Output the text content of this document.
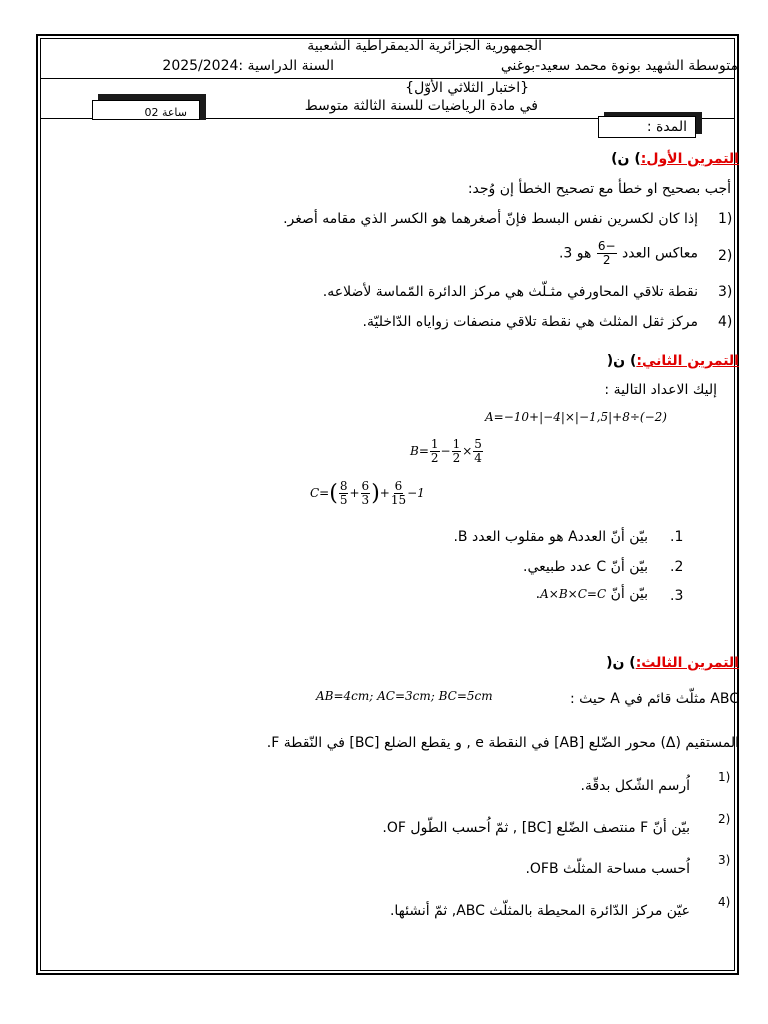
الجمهورية الجزائرية الديمقراطية الشعبية
متوسطة الشهيد بونوة محمد سعيد-بوغني
السنة الدراسية :2025/2024
{اختبار الثلاثي الأوّل}
في مادة الرياضيات للسنة الثالثة متوسط
02 ساعة
المدة :
التمرين الأول:) ن)
أجب بصحيح او خطأ مع تصحيح الخطأ إن وُجد:
1)
إذا كان لكسرين نفس البسط فإنّ أصغرهما هو الكسر الذي مقامه أصغر.
2)
معاكس العدد
$\frac{-6}{2}$
هو 3.
3)
نقطة تلاقي المحاورفي مثـلّث هي مركز الدائرة المّماسة لأضلاعه.
4)
مركز ثقل المثلث هي نقطة تلاقي منصفات زواياه الدّاخليّة.
التمرين الثاني:) ن(
إليك الاعداد التالية :
A=−10+|−4|×|−1,5|+8÷(−2)
$B= \frac{1}{2} - \frac{1}{2} \times \frac{5}{4}$
$C=( \frac{8}{5} + \frac{6}{3}$ )+ $\frac{6}{15} -1$
.1
بيّن أنّ العددA هو مقلوب العدد B.
.2
بيّن أنّ C عدد طبيعي.
.3
بيّن أنّ A×B×C=C.
التمرين الثالث:) ن(
ABC مثلّث قائم في A حيث :
AB=4cm; AC=3cm; BC=5cm
المستقيم (Δ) محور الضّلع [AB] في النقطة e , و يقطع الضلع [BC] في النّقطة F.
1)
اُرسم الشّكل بدقّة.
2)
بيّن أنّ F منتصف الضّلع [BC] , ثمّ اُحسب الطّول OF.
3)
اُحسب مساحة المثلّث OFB.
4)
عيّن مركز الدّائرة المحيطة بالمثلّث ABC, ثمّ أنشئها.
